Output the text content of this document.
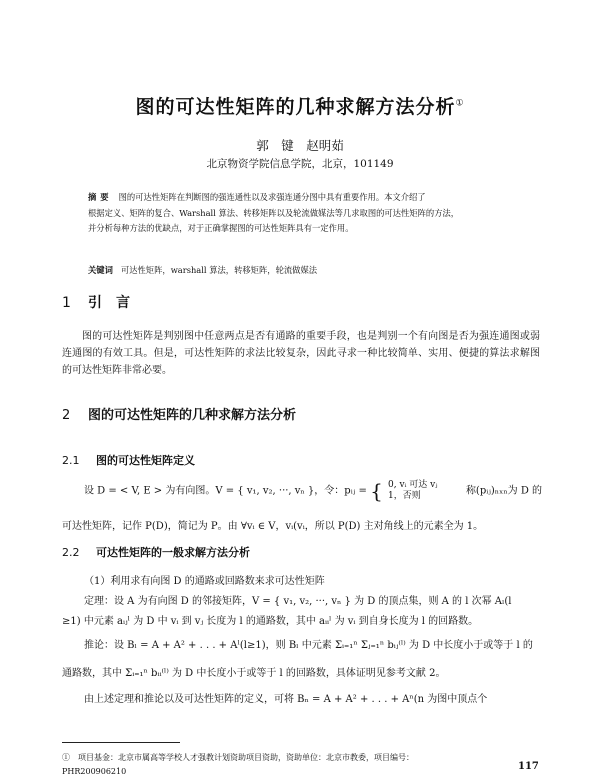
图的可达性矩阵的几种求解方法分析①
郭　键　赵明茹
北京物资学院信息学院，北京，101149
摘要 图的可达性矩阵在判断图的强连通性以及求强连通分图中具有重要作用。本文介绍了
根据定义、矩阵的复合、Warshall 算法、转移矩阵以及轮流做媒法等几求取图的可达性矩阵的方法，
并分析每种方法的优缺点，对于正确掌握图的可达性矩阵具有一定作用。
关键词 可达性矩阵，warshall 算法，转移矩阵，轮流做媒法
1 引　言
图的可达性矩阵是判别图中任意两点是否有通路的重要手段，也是判别一个有向图是否为强连通图或弱连通图的有效工具。但是，可达性矩阵的求法比较复杂，因此寻求一种比较简单、实用、便捷的算法求解图的可达性矩阵非常必要。
2 图的可达性矩阵的几种求解方法分析
2.1 图的可达性矩阵定义
设 D = < V, E > 为有向图。V = { v₁, v₂, ···, vₙ }，令：pᵢⱼ = { 0, vᵢ 可达 vⱼ
1，否则	称(pᵢⱼ)ₙₓₙ为 D 的
可达性矩阵，记作 P(D)，简记为 P。由 ∀vᵢ ∈ V，vᵢ(vᵢ，所以 P(D) 主对角线上的元素全为 1。
2.2 可达性矩阵的一般求解方法分析
（1）利用求有向图 D 的通路或回路数来求可达性矩阵
定理：设 A 为有向图 D 的邻接矩阵，V = { v₁, v₂, ···, vₙ } 为 D 的顶点集，则 A 的 l 次幂 Aₗ(l
≥1) 中元素 aᵢⱼˡ 为 D 中 vᵢ 到 vⱼ 长度为 l 的通路数，其中 aᵢᵢˡ 为 vᵢ 到自身长度为 l 的回路数。
推论：设 Bₗ = A + A² + . . . + Aˡ(l≥1)，则 Bₗ 中元素 Σᵢ₌₁ⁿ Σⱼ₌₁ⁿ bᵢⱼ⁽ˡ⁾ 为 D 中长度小于或等于 l 的
通路数，其中 Σᵢ₌₁ⁿ bᵢᵢ⁽ˡ⁾ 为 D 中长度小于或等于 l 的回路数，具体证明见参考文献 2。
由上述定理和推论以及可达性矩阵的定义，可将 Bₙ = A + A² + . . . + Aⁿ(n 为图中顶点个
①　项目基金：北京市属高等学校人才强教计划资助项目资助，资助单位：北京市教委，项目编号：
PHR200906210	117
